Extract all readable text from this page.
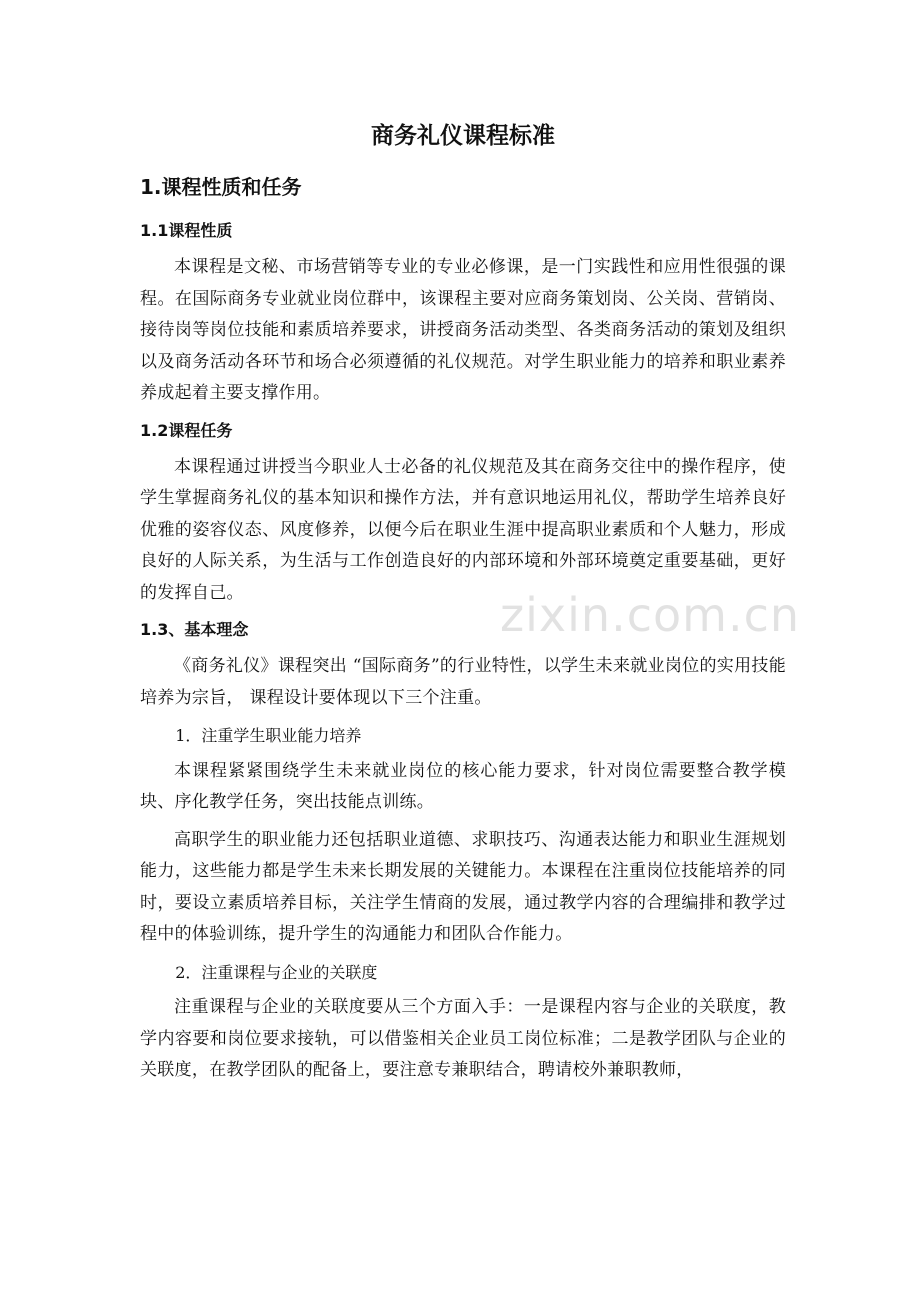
商务礼仪课程标准
1.课程性质和任务
1.1课程性质

本课程是文秘、市场营销等专业的专业必修课，是一门实践性和应用性很强的课程。在国际商务专业就业岗位群中，该课程主要对应商务策划岗、公关岗、营销岗、接待岗等岗位技能和素质培养要求，讲授商务活动类型、各类商务活动的策划及组织以及商务活动各环节和场合必须遵循的礼仪规范。对学生职业能力的培养和职业素养养成起着主要支撑作用。

1.2课程任务

本课程通过讲授当今职业人士必备的礼仪规范及其在商务交往中的操作程序，使学生掌握商务礼仪的基本知识和操作方法，并有意识地运用礼仪，帮助学生培养良好优雅的姿容仪态、风度修养，以便今后在职业生涯中提高职业素质和个人魅力，形成良好的人际关系，为生活与工作创造良好的内部环境和外部环境奠定重要基础，更好的发挥自己。

1.3、基本理念

《商务礼仪》课程突出 “国际商务”的行业特性，以学生未来就业岗位的实用技能培养为宗旨， 课程设计要体现以下三个注重。

1．注重学生职业能力培养

本课程紧紧围绕学生未来就业岗位的核心能力要求，针对岗位需要整合教学模块、序化教学任务，突出技能点训练。

高职学生的职业能力还包括职业道德、求职技巧、沟通表达能力和职业生涯规划能力，这些能力都是学生未来长期发展的关键能力。本课程在注重岗位技能培养的同时，要设立素质培养目标，关注学生情商的发展，通过教学内容的合理编排和教学过程中的体验训练，提升学生的沟通能力和团队合作能力。

2．注重课程与企业的关联度

注重课程与企业的关联度要从三个方面入手：一是课程内容与企业的关联度，教学内容要和岗位要求接轨，可以借鉴相关企业员工岗位标准；二是教学团队与企业的关联度，在教学团队的配备上，要注意专兼职结合，聘请校外兼职教师，

zixin.com.cn
